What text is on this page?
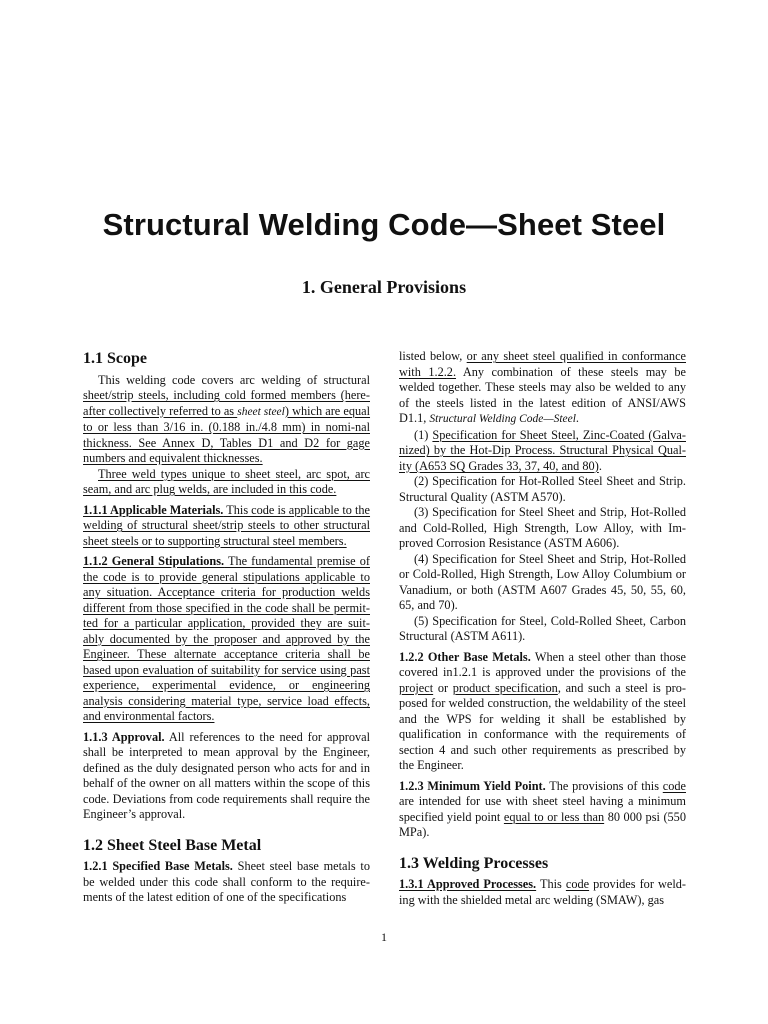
Structural Welding Code—Sheet Steel
1. General Provisions
1.1 Scope

This welding code covers arc welding of structural sheet/strip steels, including cold formed members (here-after collectively referred to as sheet steel) which are equal to or less than 3/16 in. (0.188 in./4.8 mm) in nomi-nal thickness. See Annex D, Tables D1 and D2 for gage numbers and equivalent thicknesses.

Three weld types unique to sheet steel, arc spot, arc seam, and arc plug welds, are included in this code.

1.1.1 Applicable Materials. This code is applicable to the welding of structural sheet/strip steels to other structural sheet steels or to supporting structural steel members.

1.1.2 General Stipulations. The fundamental premise of the code is to provide general stipulations applicable to any situation. Acceptance criteria for production welds different from those specified in the code shall be permit-ted for a particular application, provided they are suit-ably documented by the proposer and approved by the Engineer. These alternate acceptance criteria shall be based upon evaluation of suitability for service using past experience, experimental evidence, or engineering analysis considering material type, service load effects, and environmental factors.

1.1.3 Approval. All references to the need for approval shall be interpreted to mean approval by the Engineer, defined as the duly designated person who acts for and in behalf of the owner on all matters within the scope of this code. Deviations from code requirements shall require the Engineer’s approval.

1.2 Sheet Steel Base Metal

1.2.1 Specified Base Metals. Sheet steel base metals to be welded under this code shall conform to the require-ments of the latest edition of one of the specifications

listed below, or any sheet steel qualified in conformance with 1.2.2. Any combination of these steels may be welded together. These steels may also be welded to any of the steels listed in the latest edition of ANSI/AWS D1.1, Structural Welding Code—Steel.

(1) Specification for Sheet Steel, Zinc-Coated (Galva-nized) by the Hot-Dip Process. Structural Physical Qual-ity (A653 SQ Grades 33, 37, 40, and 80).

(2) Specification for Hot-Rolled Steel Sheet and Strip. Structural Quality (ASTM A570).

(3) Specification for Steel Sheet and Strip, Hot-Rolled and Cold-Rolled, High Strength, Low Alloy, with Im-proved Corrosion Resistance (ASTM A606).

(4) Specification for Steel Sheet and Strip, Hot-Rolled or Cold-Rolled, High Strength, Low Alloy Columbium or Vanadium, or both (ASTM A607 Grades 45, 50, 55, 60, 65, and 70).

(5) Specification for Steel, Cold-Rolled Sheet, Carbon Structural (ASTM A611).

1.2.2 Other Base Metals. When a steel other than those covered in1.2.1 is approved under the provisions of the project or product specification, and such a steel is pro-posed for welded construction, the weldability of the steel and the WPS for welding it shall be established by qualification in conformance with the requirements of section 4 and such other requirements as prescribed by the Engineer.

1.2.3 Minimum Yield Point. The provisions of this code are intended for use with sheet steel having a minimum specified yield point equal to or less than 80 000 psi (550 MPa).

1.3 Welding Processes

1.3.1 Approved Processes. This code provides for weld-ing with the shielded metal arc welding (SMAW), gas

1
